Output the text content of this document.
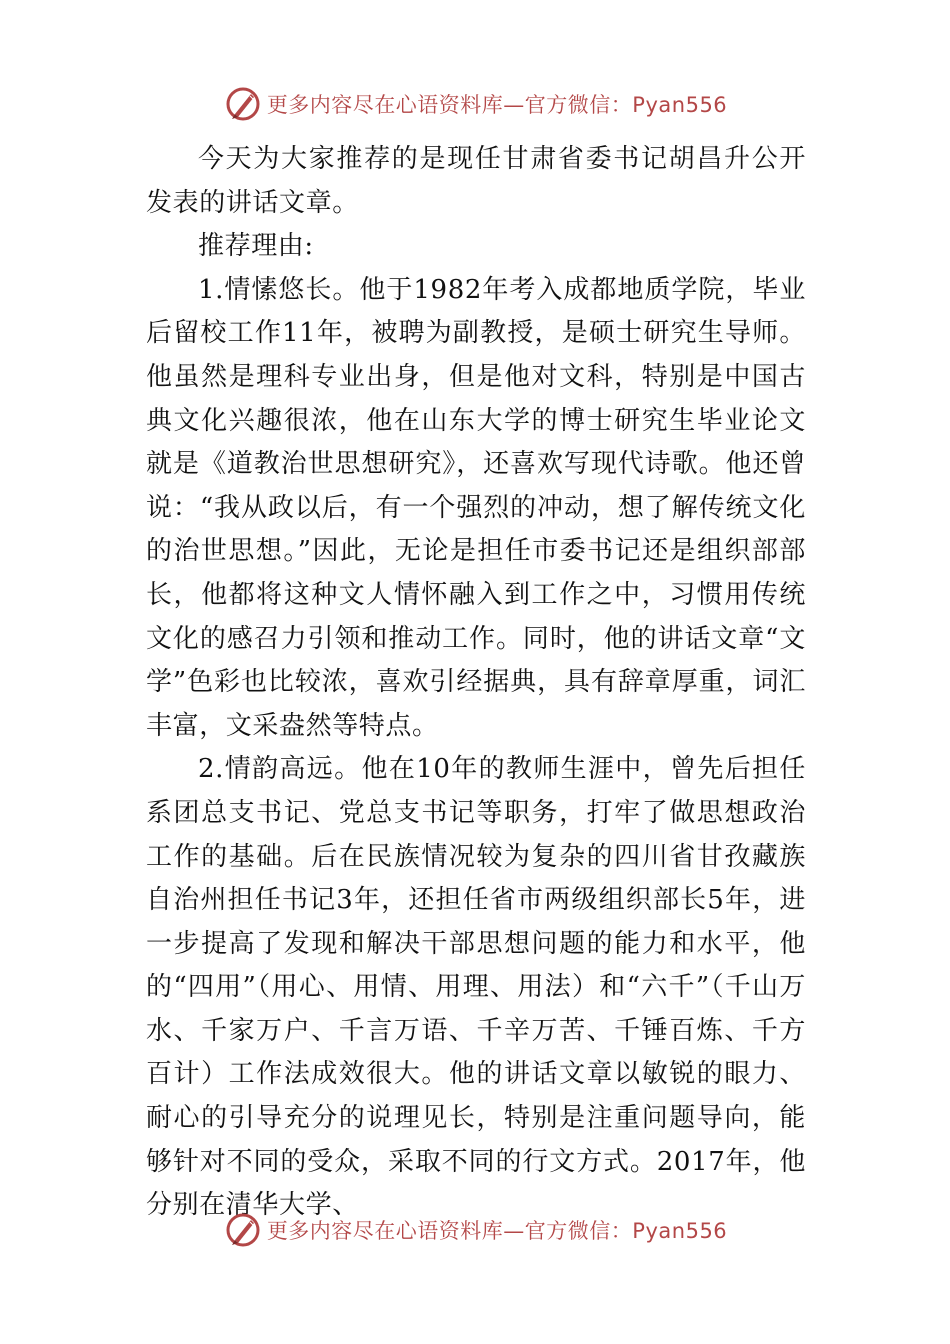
更多内容尽在心语资料库—官方微信：Pyan556

今天为大家推荐的是现任甘肃省委书记胡昌升公开发表的讲话文章。

推荐理由:

1.情愫悠长。他于1982年考入成都地质学院，毕业后留校工作11年，被聘为副教授，是硕士研究生导师。他虽然是理科专业出身，但是他对文科，特别是中国古典文化兴趣很浓，他在山东大学的博士研究生毕业论文就是《道教治世思想研究》，还喜欢写现代诗歌。他还曾说：“我从政以后，有一个强烈的冲动，想了解传统文化的治世思想。”因此，无论是担任市委书记还是组织部部长，他都将这种文人情怀融入到工作之中，习惯用传统文化的感召力引领和推动工作。同时，他的讲话文章“文学”色彩也比较浓，喜欢引经据典，具有辞章厚重，词汇丰富，文采盎然等特点。

2.情韵高远。他在10年的教师生涯中，曾先后担任系团总支书记、党总支书记等职务，打牢了做思想政治工作的基础。后在民族情况较为复杂的四川省甘孜藏族自治州担任书记3年，还担任省市两级组织部长5年，进一步提高了发现和解决干部思想问题的能力和水平，他的“四用”（用心、用情、用理、用法）和“六千”（千山万水、千家万户、千言万语、千辛万苦、千锤百炼、千方百计）工作法成效很大。他的讲话文章以敏锐的眼力、耐心的引导充分的说理见长，特别是注重问题导向，能够针对不同的受众，采取不同的行文方式。2017年，他分别在清华大学、

更多内容尽在心语资料库—官方微信：Pyan556
